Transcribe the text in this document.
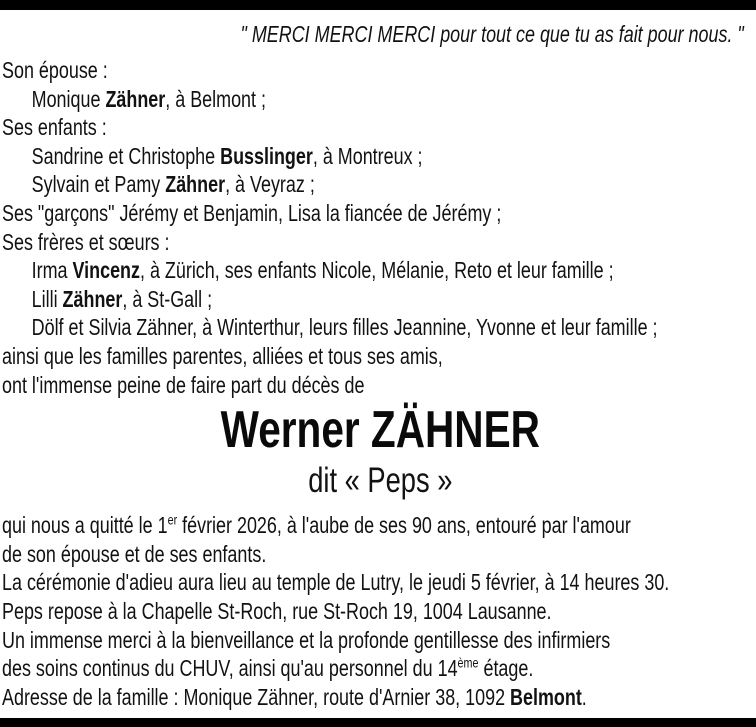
" MERCI MERCI MERCI pour tout ce que tu as fait pour nous. "
Son épouse :
Monique Zähner, à Belmont ;
Ses enfants :
Sandrine et Christophe Busslinger, à Montreux ;
Sylvain et Pamy Zähner, à Veyraz ;
Ses "garçons" Jérémy et Benjamin, Lisa la fiancée de Jérémy ;
Ses frères et sœurs :
Irma Vincenz, à Zürich, ses enfants Nicole, Mélanie, Reto et leur famille ;
Lilli Zähner, à St-Gall ;
Dölf et Silvia Zähner, à Winterthur, leurs filles Jeannine, Yvonne et leur famille ;
ainsi que les familles parentes, alliées et tous ses amis,
ont l'immense peine de faire part du décès de
Werner ZÄHNER
dit « Peps »
qui nous a quitté le 1er février 2026, à l'aube de ses 90 ans, entouré par l'amour
de son épouse et de ses enfants.
La cérémonie d'adieu aura lieu au temple de Lutry, le jeudi 5 février, à 14 heures 30.
Peps repose à la Chapelle St-Roch, rue St-Roch 19, 1004 Lausanne.
Un immense merci à la bienveillance et la profonde gentillesse des infirmiers
des soins continus du CHUV, ainsi qu'au personnel du 14ème étage.
Adresse de la famille : Monique Zähner, route d'Arnier 38, 1092 Belmont.
